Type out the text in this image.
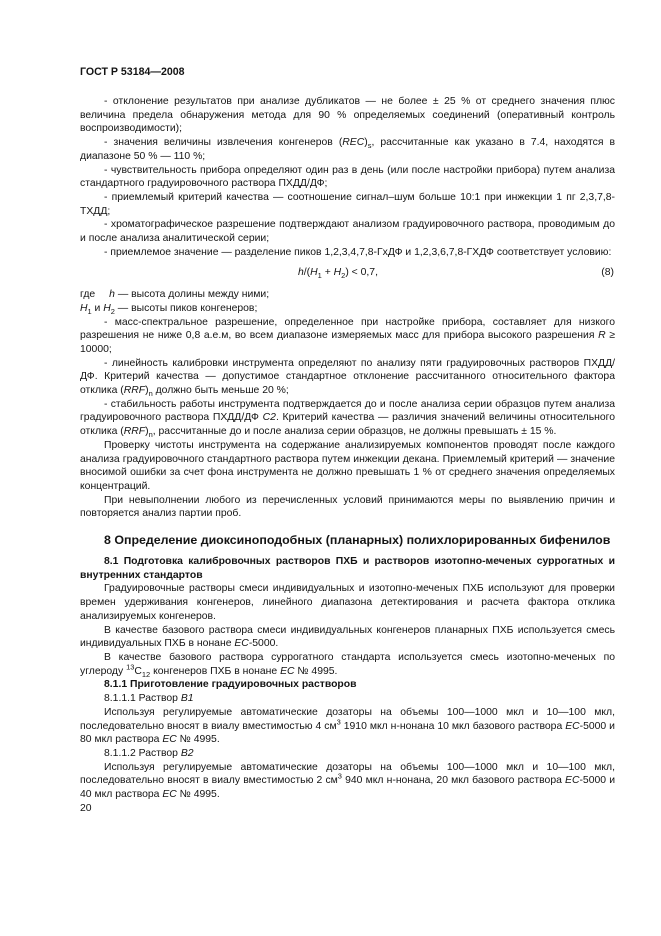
ГОСТ Р 53184—2008

- отклонение результатов при анализе дубликатов — не более ± 25 % от среднего значения плюс величина предела обнаружения метода для 90 % определяемых соединений (оперативный контроль воспроизводимости);

- значения величины извлечения конгенеров $(REC)_s$, рассчитанные как указано в 7.4, находятся в диапазоне 50 % — 110 %;

- чувствительность прибора определяют один раз в день (или после настройки прибора) путем анализа стандартного градуировочного раствора ПХДД/ДФ;

- приемлемый критерий качества — соотношение сигнал–шум больше 10:1 при инжекции 1 пг 2,3,7,8-ТХДД;

- хроматографическое разрешение подтверждают анализом градуировочного раствора, проводимым до и после анализа аналитической серии;

- приемлемое значение — разделение пиков 1,2,3,4,7,8-ГхДФ и 1,2,3,6,7,8-ГХДФ соответствует условию:

$h/(H_1 + H_2) < 0,7$,	(8)

где h — высота долины между ними;

$H_1$ и $H_2$ — высоты пиков конгенеров;

- масс-спектральное разрешение, определенное при настройке прибора, составляет для низкого разрешения не ниже 0,8 а.е.м, во всем диапазоне измеряемых масс для прибора высокого разрешения R ≥ 10000;

- линейность калибровки инструмента определяют по анализу пяти градуировочных растворов ПХДД/ДФ. Критерий качества — допустимое стандартное отклонение рассчитанного относительного фактора отклика $(RRF)_n$ должно быть меньше 20 %;

- стабильность работы инструмента подтверждается до и после анализа серии образцов путем анализа градуировочного раствора ПХДД/ДФ C2. Критерий качества — различия значений величины относительного отклика $(RRF)_n$, рассчитанные до и после анализа серии образцов, не должны превышать ± 15 %.

Проверку чистоты инструмента на содержание анализируемых компонентов проводят после каждого анализа градуировочного стандартного раствора путем инжекции декана. Приемлемый критерий — значение вносимой ошибки за счет фона инструмента не должно превышать 1 % от среднего значения определяемых концентраций.

При невыполнении любого из перечисленных условий принимаются меры по выявлению причин и повторяется анализ партии проб.

8 Определение диоксиноподобных (планарных) полихлорированных бифенилов

8.1 Подготовка калибровочных растворов ПХБ и растворов изотопно-меченых суррогатных и внутренних стандартов

Градуировочные растворы смеси индивидуальных и изотопно-меченых ПХБ используют для проверки времен удерживания конгенеров, линейного диапазона детектирования и расчета фактора отклика анализируемых конгенеров.

В качестве базового раствора смеси индивидуальных конгенеров планарных ПХБ используется смесь индивидуальных ПХБ в нонане EC-5000.

В качестве базового раствора суррогатного стандарта используется смесь изотопно-меченых по углероду $^{13}C_{12}$ конгенеров ПХБ в нонане EC № 4995.

8.1.1 Приготовление градуировочных растворов

8.1.1.1 Раствор B1

Используя регулируемые автоматические дозаторы на объемы 100—1000 мкл и 10—100 мкл, последовательно вносят в виалу вместимостью 4 $см^3$ 1910 мкл н-нонана 10 мкл базового раствора EC-5000 и 80 мкл раствора EC № 4995.

8.1.1.2 Раствор B2

Используя регулируемые автоматические дозаторы на объемы 100—1000 мкл и 10—100 мкл, последовательно вносят в виалу вместимостью 2 $см^3$ 940 мкл н-нонана, 20 мкл базового раствора EC-5000 и 40 мкл раствора EC № 4995.

20
